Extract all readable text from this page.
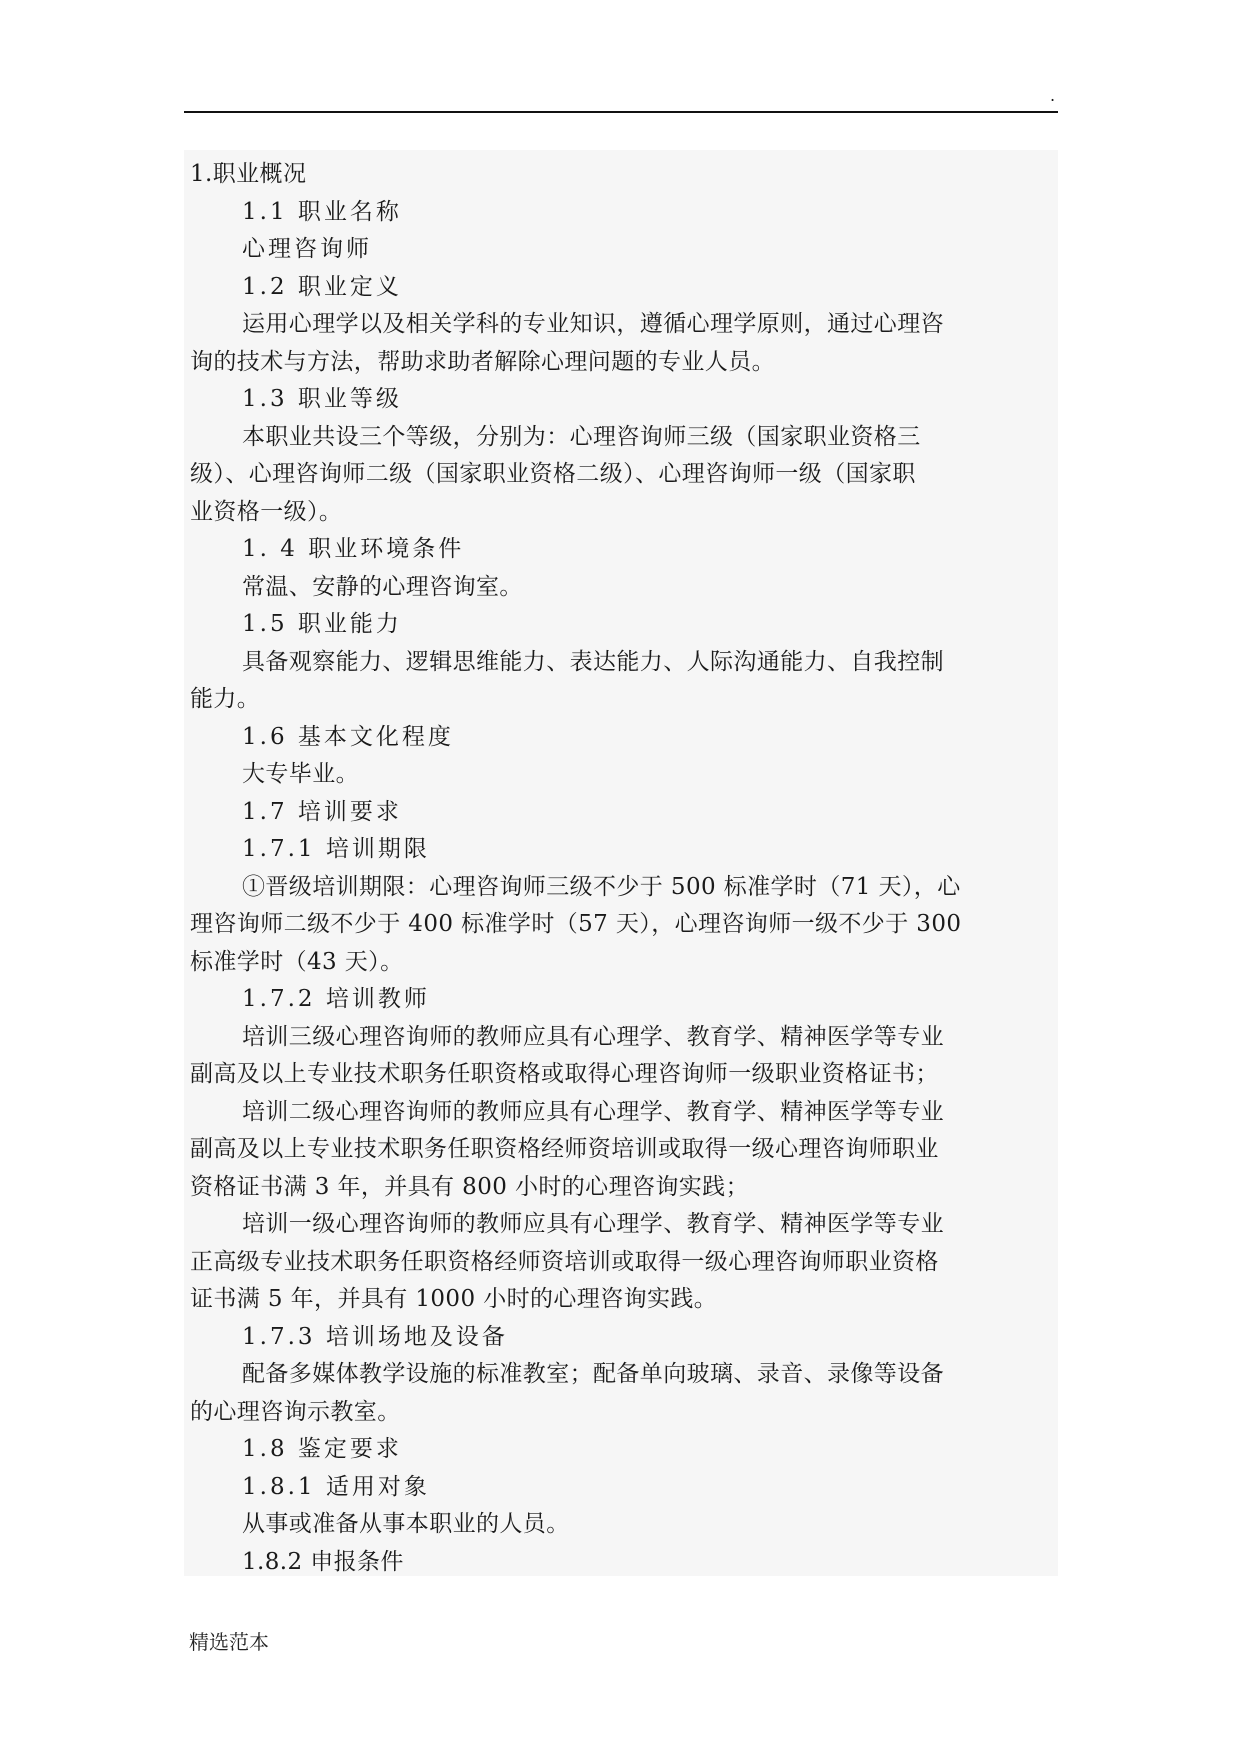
.
1.职业概况
1.1 职业名称
心理咨询师
1.2 职业定义
运用心理学以及相关学科的专业知识，遵循心理学原则，通过心理咨
询的技术与方法，帮助求助者解除心理问题的专业人员。
1.3 职业等级
本职业共设三个等级，分别为：心理咨询师三级（国家职业资格三
级）、心理咨询师二级（国家职业资格二级）、心理咨询师一级（国家职
业资格一级）。
1. 4 职业环境条件
常温、安静的心理咨询室。
1.5 职业能力
具备观察能力、逻辑思维能力、表达能力、人际沟通能力、自我控制
能力。
1.6 基本文化程度
大专毕业。
1.7 培训要求
1.7.1 培训期限
①晋级培训期限：心理咨询师三级不少于 500 标准学时（71 天），心
理咨询师二级不少于 400 标准学时（57 天），心理咨询师一级不少于 300
标准学时（43 天）。
1.7.2 培训教师
培训三级心理咨询师的教师应具有心理学、教育学、精神医学等专业
副高及以上专业技术职务任职资格或取得心理咨询师一级职业资格证书；
培训二级心理咨询师的教师应具有心理学、教育学、精神医学等专业
副高及以上专业技术职务任职资格经师资培训或取得一级心理咨询师职业
资格证书满 3 年，并具有 800 小时的心理咨询实践；
培训一级心理咨询师的教师应具有心理学、教育学、精神医学等专业
正高级专业技术职务任职资格经师资培训或取得一级心理咨询师职业资格
证书满 5 年，并具有 1000 小时的心理咨询实践。
1.7.3 培训场地及设备
配备多媒体教学设施的标准教室；配备单向玻璃、录音、录像等设备
的心理咨询示教室。
1.8 鉴定要求
1.8.1 适用对象
从事或准备从事本职业的人员。
1.8.2 申报条件
精选范本
